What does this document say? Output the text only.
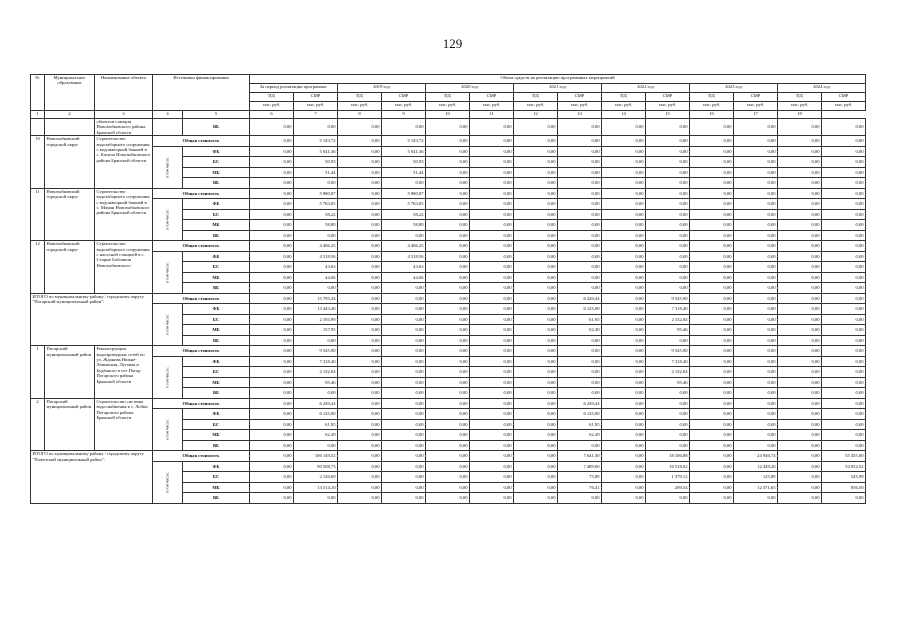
129
№	Муниципальное образование	Наименование объекта	Источники финансирования		Объем средств на реализацию программных мероприятий													
					За период реализации программы:		2019 год		2020 год		2021 год		2022 год		2023 год		2024 год	
					ПД	СМР	ПД	СМР	ПД	СМР	ПД	СМР	ПД	СМР	ПД	СМР	ПД	СМР
					тыс. руб.	тыс. руб.	тыс. руб.	тыс. руб.	тыс. руб.	тыс. руб.	тыс. руб.	тыс. руб.	тыс. руб.	тыс. руб.	тыс. руб.	тыс. руб.	тыс. руб.	тыс. руб.
1	2	3	4	5	6	7	8	9	10	11	12	13	14	15	16	17	18	
		объектов станции Новозыбковского района Брянской области		ВБ	0,00	0,00	0,00	0,00	0,00	0,00	0,00	0,00	0,00	0,00	0,00	0,00	0,00	0,00
10	Новозыбковский городской округ	Строительство водозаборного сооружения с водонапорной башней в с. Катичи Новозыбковского района Брянской области	Общая стоимость		0,00	5 143,72	0,00	5 143,72	0,00	0,00	0,00	0,00	0,00	0,00	0,00	0,00	0,00	0,00
			в том числе:	ФБ	0,00	5 041,36	0,00	5 041,36	0,00	0,00	0,00	0,00	0,00	0,00	0,00	0,00	0,00	0,00
				БС	0,00	50,93	0,00	50,93	0,00	0,00	0,00	0,00	0,00	0,00	0,00	0,00	0,00	0,00
				МБ	0,00	51,44	0,00	51,44	0,00	0,00	0,00	0,00	0,00	0,00	0,00	0,00	0,00	0,00
				ВБ	0,00	0,00	0,00	0,00	0,00	0,00	0,00	0,00	0,00	0,00	0,00	0,00	0,00	0,00
11	Новозыбковский городской округ	Строительство водозаборного сооружения с водонапорной башней в с. Мамаи Новозыбковского района Брянской области	Общая стоимость		0,00	5 880,07	0,00	5 880,07	0,00	0,00	0,00	0,00	0,00	0,00	0,00	0,00	0,00	0,00
			в том числе:	ФБ	0,00	5 763,05	0,00	5 763,05	0,00	0,00	0,00	0,00	0,00	0,00	0,00	0,00	0,00	0,00
				БС	0,00	58,22	0,00	58,22	0,00	0,00	0,00	0,00	0,00	0,00	0,00	0,00	0,00	0,00
				МБ	0,00	58,80	0,00	58,80	0,00	0,00	0,00	0,00	0,00	0,00	0,00	0,00	0,00	0,00
				ВБ	0,00	0,00	0,00	0,00	0,00	0,00	0,00	0,00	0,00	0,00	0,00	0,00	0,00	0,00
12	Новозыбковский городской округ	Строительство водозаборного сооружения с насосной станцией в с. Старые Бобовичи Новозыбковского	Общая стоимость		0,00	4 406,25	0,00	4 406,25	0,00	0,00	0,00	0,00	0,00	0,00	0,00	0,00	0,00	0,00
			в том числе:	ФБ	0,00	4 318,56	0,00	4 318,56	0,00	0,00	0,00	0,00	0,00	0,00	0,00	0,00	0,00	0,00
				БС	0,00	43,63	0,00	43,63	0,00	0,00	0,00	0,00	0,00	0,00	0,00	0,00	0,00	0,00
				МБ	0,00	44,06	0,00	44,06	0,00	0,00	0,00	0,00	0,00	0,00	0,00	0,00	0,00	0,00
				ВБ	0,00	0,00	0,00	0,00	0,00	0,00	0,00	0,00	0,00	0,00	0,00	0,00	0,00	0,00
ИТОГО по муниципальному району / городскому округу "Погарский муниципальный район":			Общая стоимость		0,00	15 795,34	0,00	0,00	0,00	0,00	0,00	6 249,44	0,00	9 545,90	0,00	0,00	0,00	0,00
			в том числе:	ФБ	0,00	13 443,40	0,00	0,00	0,00	0,00	0,00	6 125,00	0,00	7 318,40	0,00	0,00	0,00	0,00
				БС	0,00	2 193,99	0,00	0,00	0,00	0,00	0,00	61,95	0,00	2 132,04	0,00	0,00	0,00	0,00
				МБ	0,00	157,95	0,00	0,00	0,00	0,00	0,00	62,49	0,00	95,46	0,00	0,00	0,00	0,00
				ВБ	0,00	0,00	0,00	0,00	0,00	0,00	0,00	0,00	0,00	0,00	0,00	0,00	0,00	0,00
1	Погарский муниципальный район	Реконструкция водопроводных сетей по ул. Жданова,Нижне-Ленинская, Луговая и Будённого в пгт Погар Погарского района Брянской области	Общая стоимость		0,00	9 545,90	0,00	0,00	0,00	0,00	0,00	0,00	0,00	9 545,90	0,00	0,00	0,00	0,00
			в том числе:	ФБ	0,00	7 318,40	0,00	0,00	0,00	0,00	0,00	0,00	0,00	7 318,40	0,00	0,00	0,00	0,00
				БС	0,00	2 132,04	0,00	0,00	0,00	0,00	0,00	0,00	0,00	2 132,04	0,00	0,00	0,00	0,00
				МБ	0,00	95,46	0,00	0,00	0,00	0,00	0,00	0,00	0,00	95,46	0,00	0,00	0,00	0,00
				ВБ	0,00	0,00	0,00	0,00	0,00	0,00	0,00	0,00	0,00	0,00	0,00	0,00	0,00	0,00
2	Погарский муниципальный район	Строительство системы водоснабжения в с. Лобки Погарского района Брянской области	Общая стоимость		0,00	6 249,44	0,00	0,00	0,00	0,00	0,00	6 249,44	0,00	0,00	0,00	0,00	0,00	0,00
			в том числе:	ФБ	0,00	6 125,00	0,00	0,00	0,00	0,00	0,00	6 125,00	0,00	0,00	0,00	0,00	0,00	0,00
				БС	0,00	61,95	0,00	0,00	0,00	0,00	0,00	61,95	0,00	0,00	0,00	0,00	0,00	0,00
				МБ	0,00	62,49	0,00	0,00	0,00	0,00	0,00	62,49	0,00	0,00	0,00	0,00	0,00	0,00
				ВБ	0,00	0,00	0,00	0,00	0,00	0,00	0,00	0,00	0,00	0,00	0,00	0,00	0,00	0,00
ИТОГО по муниципальному району / городскому округу "Почепский муниципальный район":			Общая стоимость		0,00	106 149,52	0,00	0,00	0,00	0,00	0,00	7 641,30	0,00	18 106,88	0,00	24 946,74	0,00	55 455,00
			в том числе:	ФБ	0,00	90 508,73	0,00	0,00	0,00	0,00	0,00	7 489,00	0,00	16 518,02	0,00	12 449,20	0,00	54 052,52
				БС	0,00	2 126,69	0,00	0,00	0,00	0,00	0,00	75,89	0,00	1 379,12	0,00	125,89	0,00	545,99
				МБ	0,00	13 514,10	0,00	0,00	0,00	0,00	0,00	76,41	0,00	209,54	0,00	12 371,65	0,00	856,50
				ВБ	0,00	0,00	0,00	0,00	0,00	0,00	0,00	0,00	0,00	0,00	0,00	0,00	0,00	0,00
